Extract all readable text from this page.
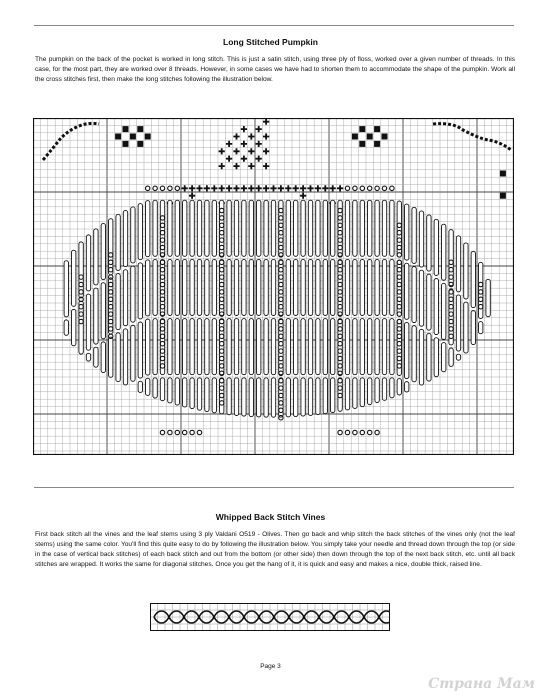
Long Stitched Pumpkin
The pumpkin on the back of the pocket is worked in long stitch. This is just a satin stitch, using three ply of floss, worked over a given number of threads. In this case, for the most part, they are worked over 8 threads. However, in some cases we have had to shorten them to accommodate the shape of the pumpkin. Work all the cross stitches first, then make the long stitches following the illustration below.
Whipped Back Stitch Vines
First back stitch all the vines and the leaf stems using 3 ply Valdani O519 - Olives. Then go back and whip stitch the back stitches of the vines only (not the leaf stems) using the same color. You'll find this quite easy to do by following the illustration below. You simply take your needle and thread down through the top (or side in the case of vertical back stitches) of each back stitch and out from the bottom (or other side) then down through the top of the next back stitch, etc. until all back stitches are wrapped. It works the same for diagonal stitches. Once you get the hang of it, it is quick and easy and makes a nice, double thick, raised line.
Page 3
Страна Мам
